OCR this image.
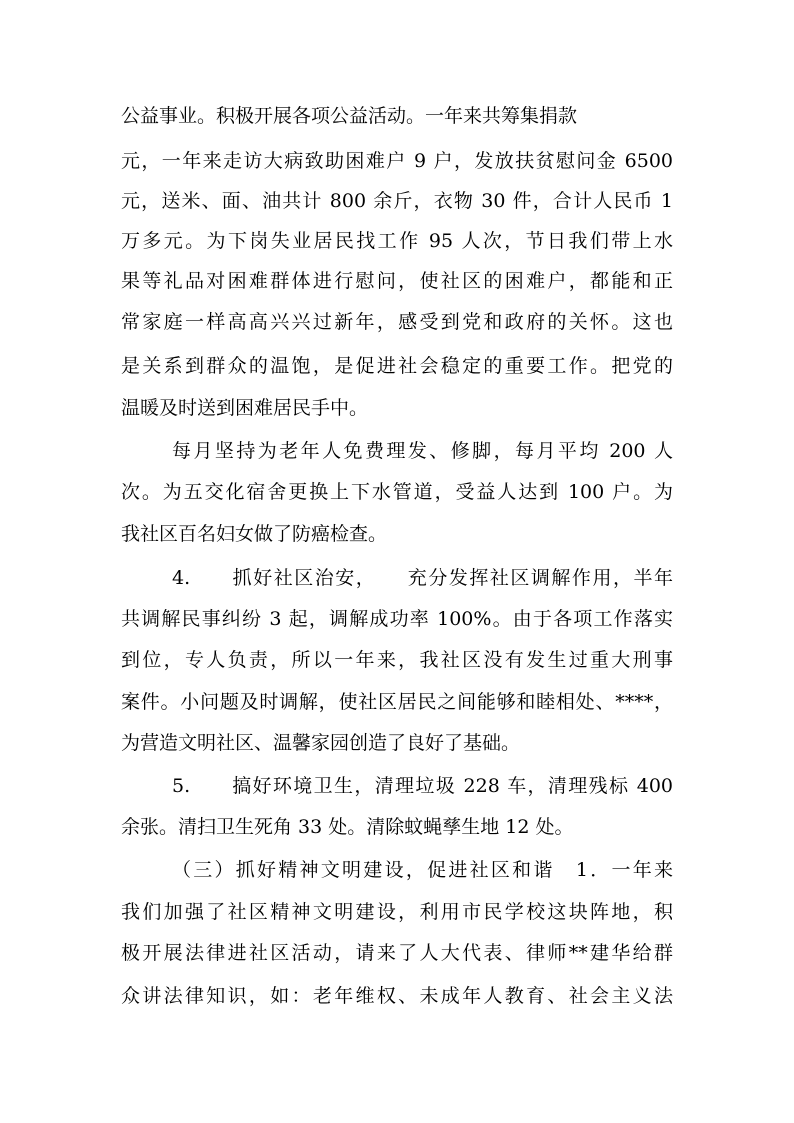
公益事业。积极开展各项公益活动。一年来共筹集捐款
元，一年来走访大病致助困难户 9 户，发放扶贫慰问金 6500
元，送米、面、油共计 800 余斤，衣物 30 件，合计人民币 1
万多元。为下岗失业居民找工作 95 人次，节日我们带上水
果等礼品对困难群体进行慰问，使社区的困难户，都能和正
常家庭一样高高兴兴过新年，感受到党和政府的关怀。这也
是关系到群众的温饱，是促进社会稳定的重要工作。把党的
温暖及时送到困难居民手中。
每月坚持为老年人免费理发、修脚，每月平均 200 人
次。为五交化宿舍更换上下水管道，受益人达到 100 户。为
我社区百名妇女做了防癌检查。
4.　　抓好社区治安，　　充分发挥社区调解作用，半年
共调解民事纠纷 3 起，调解成功率 100%。由于各项工作落实
到位，专人负责，所以一年来，我社区没有发生过重大刑事
案件。小问题及时调解，使社区居民之间能够和睦相处、****，
为营造文明社区、温馨家园创造了良好了基础。
5.　　搞好环境卫生，清理垃圾 228 车，清理残标 400
余张。清扫卫生死角 33 处。清除蚊蝇孳生地 12 处。
（三）抓好精神文明建设，促进社区和谐　1．一年来
我们加强了社区精神文明建设，利用市民学校这块阵地，积
极开展法律进社区活动，请来了人大代表、律师**建华给群
众讲法律知识，如：老年维权、未成年人教育、社会主义法
